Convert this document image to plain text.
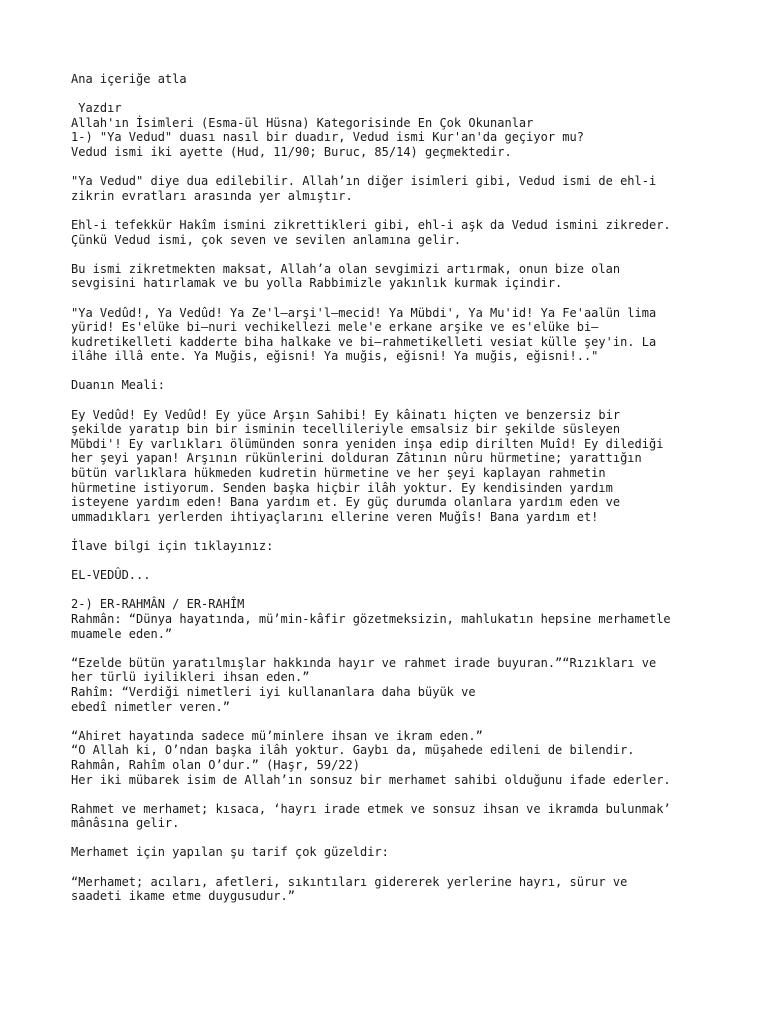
Ana içeriğe atla
Yazdır
Allah'ın İsimleri (Esma-ül Hüsna) Kategorisinde En Çok Okunanlar
1-) "Ya Vedud" duası nasıl bir duadır, Vedud ismi Kur'an'da geçiyor mu?
Vedud ismi iki ayette (Hud, 11/90; Buruc, 85/14) geçmektedir.
"Ya Vedud" diye dua edilebilir. Allah’ın diğer isimleri gibi, Vedud ismi de ehl-i
zikrin evratları arasında yer almıştır.
Ehl-i tefekkür Hakîm ismini zikrettikleri gibi, ehl-i aşk da Vedud ismini zikreder.
Çünkü Vedud ismi, çok seven ve sevilen anlamına gelir.
Bu ismi zikretmekten maksat, Allah’a olan sevgimizi artırmak, onun bize olan
sevgisini hatırlamak ve bu yolla Rabbimizle yakınlık kurmak içindir.
"Ya Vedûd!, Ya Vedûd! Ya Ze'l–arşi'l–mecid! Ya Mübdi', Ya Mu'id! Ya Fe'aalün lima
yürid! Es'elüke bi–nuri vechikellezi mele'e erkane arşike ve es'elüke bi–
kudretikelleti kadderte biha halkake ve bi–rahmetikelleti vesiat külle şey'in. La
ilâhe illâ ente. Ya Muğis, eğisni! Ya muğis, eğisni! Ya muğis, eğisni!.."
Duanın Meali:
Ey Vedûd! Ey Vedûd! Ey yüce Arşın Sahibi! Ey kâinatı hiçten ve benzersiz bir
şekilde yaratıp bin bir isminin tecellileriyle emsalsiz bir şekilde süsleyen
Mübdi'! Ey varlıkları ölümünden sonra yeniden inşa edip dirilten Muîd! Ey dilediği
her şeyi yapan! Arşının rükünlerini dolduran Zâtının nûru hürmetine; yarattığın
bütün varlıklara hükmeden kudretin hürmetine ve her şeyi kaplayan rahmetin
hürmetine istiyorum. Senden başka hiçbir ilâh yoktur. Ey kendisinden yardım
isteyene yardım eden! Bana yardım et. Ey güç durumda olanlara yardım eden ve
ummadıkları yerlerden ihtiyaçlarını ellerine veren Muğîs! Bana yardım et!
İlave bilgi için tıklayınız:
EL-VEDÛD...
2-) ER-RAHMÂN / ER-RAHÎM
Rahmân: “Dünya hayatında, mü’min-kâfir gözetmeksizin, mahlukatın hepsine merhametle
muamele eden.”
“Ezelde bütün yaratılmışlar hakkında hayır ve rahmet irade buyuran.”“Rızıkları ve
her türlü iyilikleri ihsan eden.”
Rahîm: “Verdiği nimetleri iyi kullananlara daha büyük ve
ebedî nimetler veren.”
“Ahiret hayatında sadece mü’minlere ihsan ve ikram eden.”
“O Allah ki, O’ndan başka ilâh yoktur. Gaybı da, müşahede edileni de bilendir.
Rahmân, Rahîm olan O’dur.” (Haşr, 59/22)
Her iki mübarek isim de Allah’ın sonsuz bir merhamet sahibi olduğunu ifade ederler.
Rahmet ve merhamet; kısaca, ‘hayrı irade etmek ve sonsuz ihsan ve ikramda bulunmak’
mânâsına gelir.
Merhamet için yapılan şu tarif çok güzeldir:
“Merhamet; acıları, afetleri, sıkıntıları gidererek yerlerine hayrı, sürur ve
saadeti ikame etme duygusudur.”
